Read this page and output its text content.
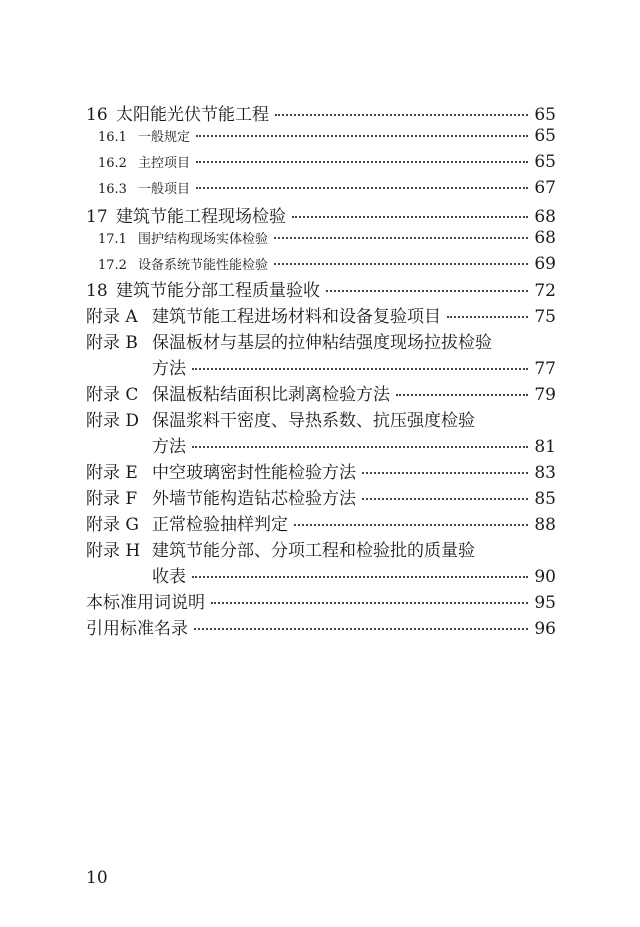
16 太阳能光伏节能工程	65
16.1 一般规定	65
16.2 主控项目	65
16.3 一般项目	67
17 建筑节能工程现场检验	68
17.1 围护结构现场实体检验	68
17.2 设备系统节能性能检验	69
18 建筑节能分部工程质量验收	72
附录 A 建筑节能工程进场材料和设备复验项目	75
附录 B 保温板材与基层的拉伸粘结强度现场拉拔检验
方法	77
附录 C 保温板粘结面积比剥离检验方法	79
附录 D 保温浆料干密度、导热系数、抗压强度检验
方法	81
附录 E 中空玻璃密封性能检验方法	83
附录 F 外墙节能构造钻芯检验方法	85
附录 G 正常检验抽样判定	88
附录 H 建筑节能分部、分项工程和检验批的质量验
收表	90
本标准用词说明	95
引用标准名录	96
10
